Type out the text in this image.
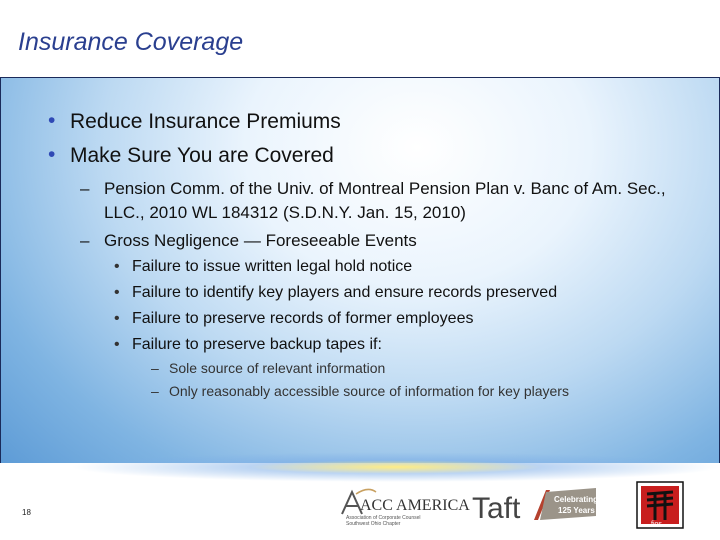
Insurance Coverage
• Reduce Insurance Premiums
• Make Sure You are Covered
– Pension Comm. of the Univ. of Montreal Pension Plan v. Banc of Am. Sec., LLC., 2010 WL 184312 (S.D.N.Y. Jan. 15, 2010)
– Gross Negligence — Foreseeable Events
• Failure to issue written legal hold notice
• Failure to identify key players and ensure records preserved
• Failure to preserve records of former employees
• Failure to preserve backup tapes if:
– Sole source of relevant information
– Only reasonably accessible source of information for key players
18	ACC AMERICA
Association of Corporate Counsel
Southwest Ohio Chapter Taft	Celebrating
125 Years
fios
